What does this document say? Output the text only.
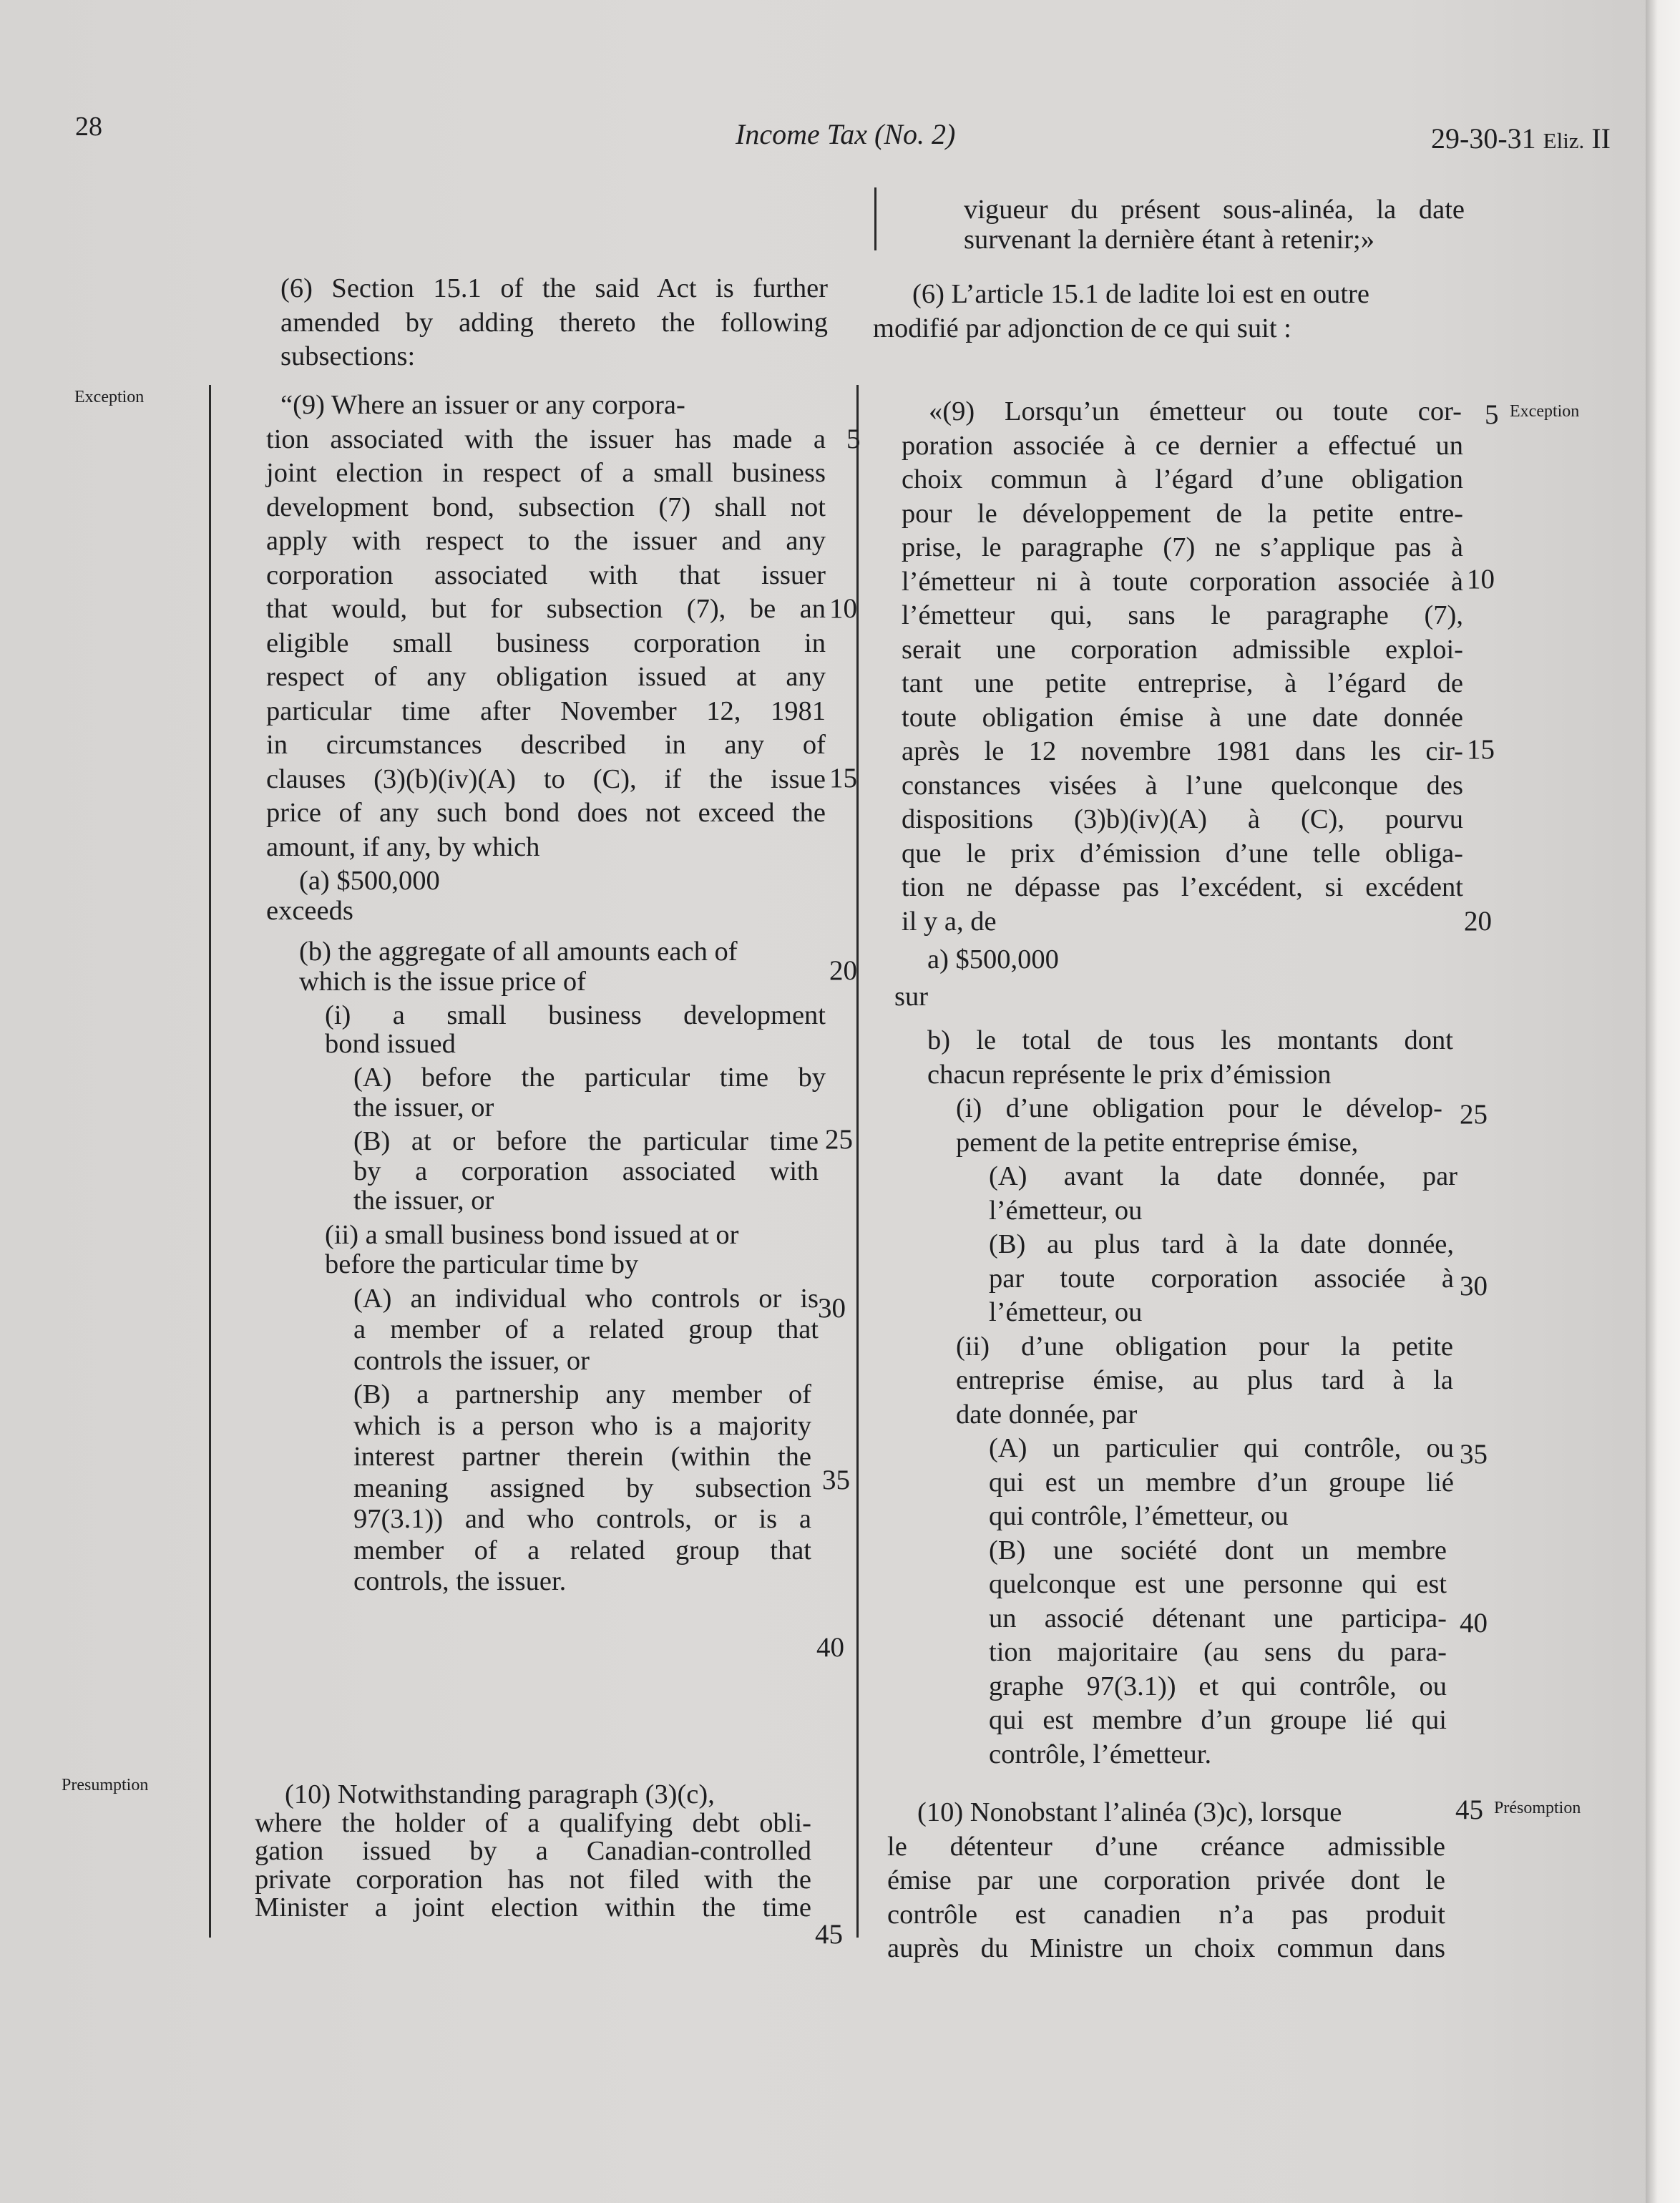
28	Income Tax (No. 2)	29-30-31 Eliz. II
Exception
Exception
Presumption
Présomption
(6) Section 15.1 of the said Act is further
amended by adding thereto the following
subsections:
“(9) Where an issuer or any corpora-
tion associated with the issuer has made a
joint election in respect of a small business
development bond, subsection (7) shall not
apply with respect to the issuer and any
corporation associated with that issuer
that would, but for subsection (7), be an
eligible small business corporation in
respect of any obligation issued at any
particular time after November 12, 1981
in circumstances described in any of
clauses (3)(b)(iv)(A) to (C), if the issue
price of any such bond does not exceed the
amount, if any, by which
(a) $500,000
exceeds
(b) the aggregate of all amounts each of
which is the issue price of
(i) a small business development
bond issued
(A) before the particular time by
the issuer, or
(B) at or before the particular time
by a corporation associated with
the issuer, or
(ii) a small business bond issued at or
before the particular time by
(A) an individual who controls or is
a member of a related group that
controls the issuer, or
(B) a partnership any member of
which is a person who is a majority
interest partner therein (within the
meaning assigned by subsection
97(3.1)) and who controls, or is a
member of a related group that
controls, the issuer.
(10) Notwithstanding paragraph (3)(c),
where the holder of a qualifying debt obli-
gation issued by a Canadian-controlled
private corporation has not filed with the
Minister a joint election within the time
5
10
15
20
25
30
35
40
45
vigueur du présent sous-alinéa, la date
survenant la dernière étant à retenir;»
(6) L’article 15.1 de ladite loi est en outre
modifié par adjonction de ce qui suit :
«(9) Lorsqu’un émetteur ou toute cor-
poration associée à ce dernier a effectué un
choix commun à l’égard d’une obligation
pour le développement de la petite entre-
prise, le paragraphe (7) ne s’applique pas à
l’émetteur ni à toute corporation associée à
l’émetteur qui, sans le paragraphe (7),
serait une corporation admissible exploi-
tant une petite entreprise, à l’égard de
toute obligation émise à une date donnée
après le 12 novembre 1981 dans les cir-
constances visées à l’une quelconque des
dispositions (3)b)(iv)(A) à (C), pourvu
que le prix d’émission d’une telle obliga-
tion ne dépasse pas l’excédent, si excédent
il y a, de
a) $500,000
sur
b) le total de tous les montants dont
chacun représente le prix d’émission
(i) d’une obligation pour le dévelop-
pement de la petite entreprise émise,
(A) avant la date donnée, par
l’émetteur, ou
(B) au plus tard à la date donnée,
par toute corporation associée à
l’émetteur, ou
(ii) d’une obligation pour la petite
entreprise émise, au plus tard à la
date donnée, par
(A) un particulier qui contrôle, ou
qui est un membre d’un groupe lié
qui contrôle, l’émetteur, ou
(B) une société dont un membre
quelconque est une personne qui est
un associé détenant une participa-
tion majoritaire (au sens du para-
graphe 97(3.1)) et qui contrôle, ou
qui est membre d’un groupe lié qui
contrôle, l’émetteur.
(10) Nonobstant l’alinéa (3)c), lorsque
le détenteur d’une créance admissible
émise par une corporation privée dont le
contrôle est canadien n’a pas produit
auprès du Ministre un choix commun dans
5
10
15
20
25
30
35
40
45
